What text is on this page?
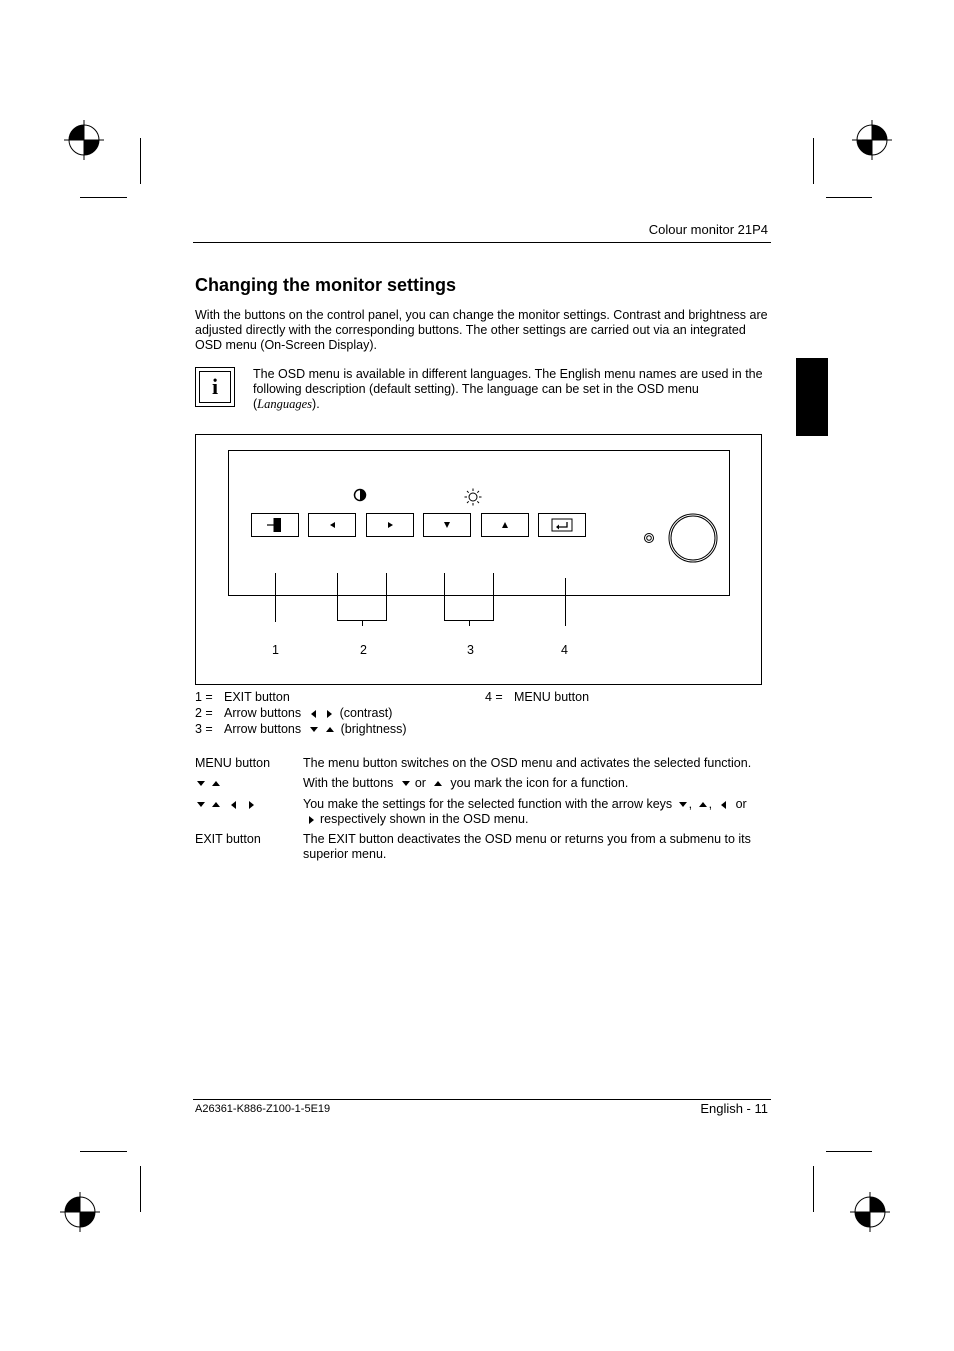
Colour monitor 21P4
Changing the monitor settings
With the buttons on the control panel, you can change the monitor settings. Contrast and brightness are adjusted directly with the corresponding buttons. The other settings are carried out via an integrated OSD menu (On-Screen Display).
i	The OSD menu is available in different languages. The English menu names are used in the following description (default setting). The language can be set in the OSD menu (Languages).
1	2	3	4
1 = EXIT button	4 = MENU button
2 = Arrow buttons	(contrast)
3 = Arrow buttons	(brightness)
MENU button	The menu button switches on the OSD menu and activates the selected function.

With the buttons or you mark the icon for a function.

You make the settings for the selected function with the arrow keys , , or
respectively shown in the OSD menu.
EXIT button	The EXIT button deactivates the OSD menu or returns you from a submenu to its superior menu.
A26361-K886-Z100-1-5E19	English - 11
